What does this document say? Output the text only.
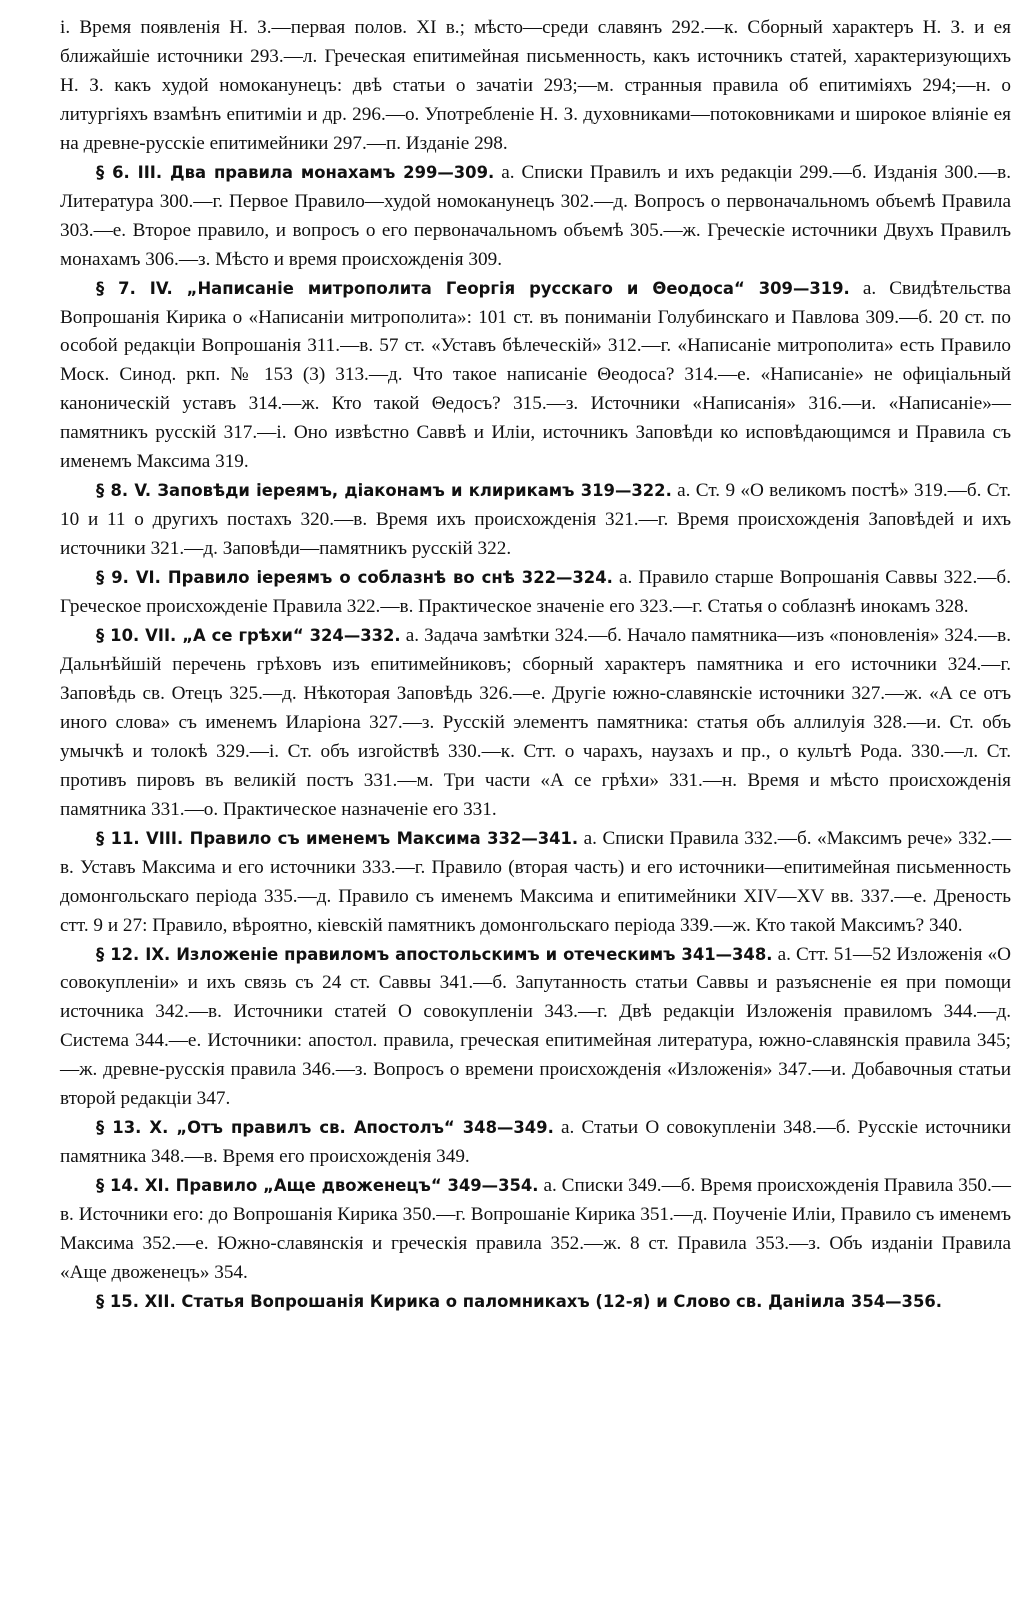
і. Время появленія Н. З.—первая полов. XI в.; мѣсто—среди славянъ 292.—к. Сборный характеръ Н. З. и ея ближайшіе источники 293.—л. Греческая епитимейная письменность, какъ источникъ статей, характеризующихъ Н. З. какъ худой номоканунецъ: двѣ статьи о зачатіи 293;—м. странныя правила об епитиміяхъ 294;—н. о литургіяхъ взамѣнъ епитиміи и др. 296.—о. Употребленіе Н. З. духовниками—потоковниками и широкое вліяніе ея на древне-руcскіе епитимейники 297.—п. Изданіе 298.

§ 6. III. Два правила монахамъ 299—309. а. Списки Правилъ и ихъ редакціи 299.—б. Изданія 300.—в. Литература 300.—г. Первое Правило—худой номоканунецъ 302.—д. Вопросъ о первоначальномъ объемѣ Правила 303.—е. Второе правило, и вопросъ о его первоначальномъ объемѣ 305.—ж. Греческіе источники Двухъ Правилъ монахамъ 306.—з. Мѣсто и время происхожденія 309.

§ 7. IV. „Написаніе митрополита Георгія русскаго и Θеодоса“ 309—319. а. Свидѣтельства Вопрошанія Кирика о «Написаніи митрополита»: 101 ст. въ пониманіи Голубинскаго и Павлова 309.—б. 20 ст. по особой редакціи Вопрошанія 311.—в. 57 ст. «Уставъ бѣлеческій» 312.—г. «Написаніе митрополита» есть Правило Моск. Синод. ркп. № 153 (3) 313.—д. Что такое написаніе Θеодоса? 314.—е. «Написаніе» не офиціальный каноническій уставъ 314.—ж. Кто такой Θедосъ? 315.—з. Источники «Написанія» 316.—и. «Написаніе»—памятникъ русскій 317.—і. Оно извѣстно Саввѣ и Иліи, источникъ Заповѣди ко исповѣдающимся и Правила съ именемъ Максима 319.

§ 8. V. Заповѣди іереямъ, діаконамъ и клирикамъ 319—322. а. Ст. 9 «О великомъ постѣ» 319.—б. Ст. 10 и 11 о другихъ постахъ 320.—в. Время ихъ происхожденія 321.—г. Время происхожденія Заповѣдей и ихъ источники 321.—д. Заповѣди—памятникъ русскій 322.

§ 9. VI. Правило іереямъ о соблазнѣ во снѣ 322—324. а. Правило старше Вопрошанія Саввы 322.—б. Греческое происхожденіе Правила 322.—в. Практическое значеніе его 323.—г. Статья о соблазнѣ инокамъ 328.

§ 10. VII. „А се грѣхи“ 324—332. а. Задача замѣтки 324.—б. Начало памятника—изъ «поновленія» 324.—в. Дальнѣйшій перечень грѣховъ изъ епитимейниковъ; сборный характеръ памятника и его источники 324.—г. Заповѣдь св. Отецъ 325.—д. Нѣкоторая Заповѣдь 326.—е. Другіе южно-славянскіе источники 327.—ж. «А се отъ иного слова» съ именемъ Иларіона 327.—з. Русскій элементъ памятника: статья объ аллилуія 328.—и. Ст. объ умычкѣ и толокѣ 329.—і. Ст. объ изгойствѣ 330.—к. Стт. о чарахъ, наузахъ и пр., о культѣ Рода. 330.—л. Ст. противъ пировъ въ великій постъ 331.—м. Три части «А се грѣхи» 331.—н. Время и мѣсто происхожденія памятника 331.—о. Практическое назначеніе его 331.

§ 11. VIII. Правило съ именемъ Максима 332—341. а. Списки Правила 332.—б. «Максимъ рече» 332.—в. Уставъ Максима и его источники 333.—г. Правило (вторая часть) и его источники—епитимейная письменность домонгольскаго періода 335.—д. Правило съ именемъ Максима и епитимейники XIV—XV вв. 337.—е. Дреность стт. 9 и 27: Правило, вѣроятно, кіевскій памятникъ домонгольскаго періода 339.—ж. Кто такой Максимъ? 340.

§ 12. IX. Изложеніе правиломъ апостольскимъ и отеческимъ 341—348. а. Стт. 51—52 Изложенія «О совокупленіи» и ихъ связь съ 24 ст. Саввы 341.—б. Запутанность статьи Саввы и разъясненіе ея при помощи источника 342.—в. Источники статей О совокупленіи 343.—г. Двѣ редакціи Изложенія правиломъ 344.—д. Система 344.—е. Источники: апостол. правила, греческая епитимейная литература, южно-славянскія правила 345;—ж. древне-русскія правила 346.—з. Вопросъ о времени происхожденія «Изложенія» 347.—и. Добавочныя статьи второй редакціи 347.

§ 13. X. „Отъ правилъ св. Апостолъ“ 348—349. а. Статьи О совокупленіи 348.—б. Русскіе источники памятника 348.—в. Время его происхожденія 349.

§ 14. XI. Правило „Аще двоженецъ“ 349—354. а. Списки 349.—б. Время происхожденія Правила 350.—в. Источники его: до Вопрошанія Кирика 350.—г. Вопрошаніе Кирика 351.—д. Поученіе Иліи, Правило съ именемъ Максима 352.—е. Южно-славянскія и греческія правила 352.—ж. 8 ст. Правила 353.—з. Объ изданіи Правила «Аще двоженецъ» 354.

§ 15. XII. Статья Вопрошанія Кирика о паломникахъ (12-я) и Слово св. Даніила 354—356.
